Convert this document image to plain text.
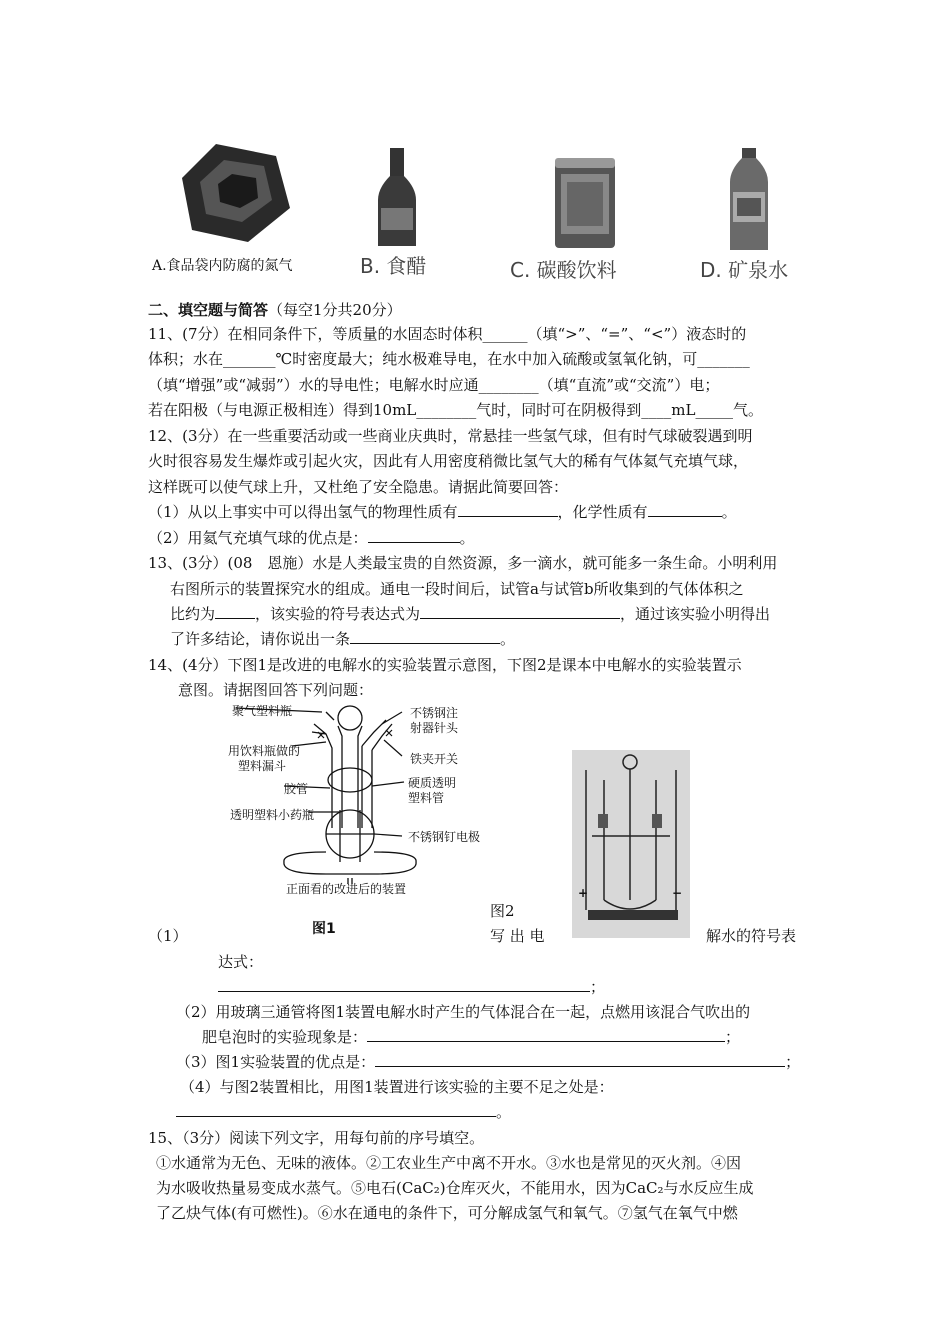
A.食品袋内防腐的氮气	B. 食醋	C. 碳酸饮料	D. 矿泉水
二、填空题与简答（每空1分共20分）
11、(7分）在相同条件下，等质量的水固态时体积______（填“>”、“=”、“<”）液态时的
体积；水在_______℃时密度最大；纯水极难导电，在水中加入硫酸或氢氧化钠，可_______
（填“增强”或“减弱”）水的导电性；电解水时应通________（填“直流”或“交流”）电；
若在阳极（与电源正极相连）得到10mL________气时，同时可在阴极得到____mL_____气。
12、(3分）在一些重要活动或一些商业庆典时，常悬挂一些氢气球，但有时气球破裂遇到明
火时很容易发生爆炸或引起火灾，因此有人用密度稍微比氢气大的稀有气体氦气充填气球，
这样既可以使气球上升，又杜绝了安全隐患。请据此简要回答：
（1）从以上事实中可以得出氢气的物理性质有	，化学性质有	。
（2）用氦气充填气球的优点是：	。
13、(3分）(08　恩施）水是人类最宝贵的自然资源，多一滴水，就可能多一条生命。小明利用
右图所示的装置探究水的组成。通电一段时间后，试管a与试管b所收集到的气体体积之
比约为	，该实验的符号表达式为	，通过该实验小明得出
了许多结论，请你说出一条	。
14、(4分）下图1是改进的电解水的实验装置示意图，下图2是课本中电解水的实验装置示
意图。请据图回答下列问题：
聚气塑料瓶
用饮料瓶做的
塑料漏斗
胶管
透明塑料小药瓶
不锈钢注
射器针头
铁夹开关
硬质透明
塑料管
不锈钢钉电极
正面看的改进后的装置
图1
+	−
图2
（1）	写 出 电	解水的符号表
达式：
；
（2）用玻璃三通管将图1装置电解水时产生的气体混合在一起，点燃用该混合气吹出的
肥皂泡时的实验现象是：	；
（3）图1实验装置的优点是：	；
（4）与图2装置相比，用图1装置进行该实验的主要不足之处是：
。
15、（3分）阅读下列文字，用每句前的序号填空。
①水通常为无色、无味的液体。②工农业生产中离不开水。③水也是常见的灭火剂。④因
为水吸收热量易变成水蒸气。⑤电石(CaC₂)仓库灭火，不能用水，因为CaC₂与水反应生成
了乙炔气体(有可燃性)。⑥水在通电的条件下，可分解成氢气和氧气。⑦氢气在氧气中燃
